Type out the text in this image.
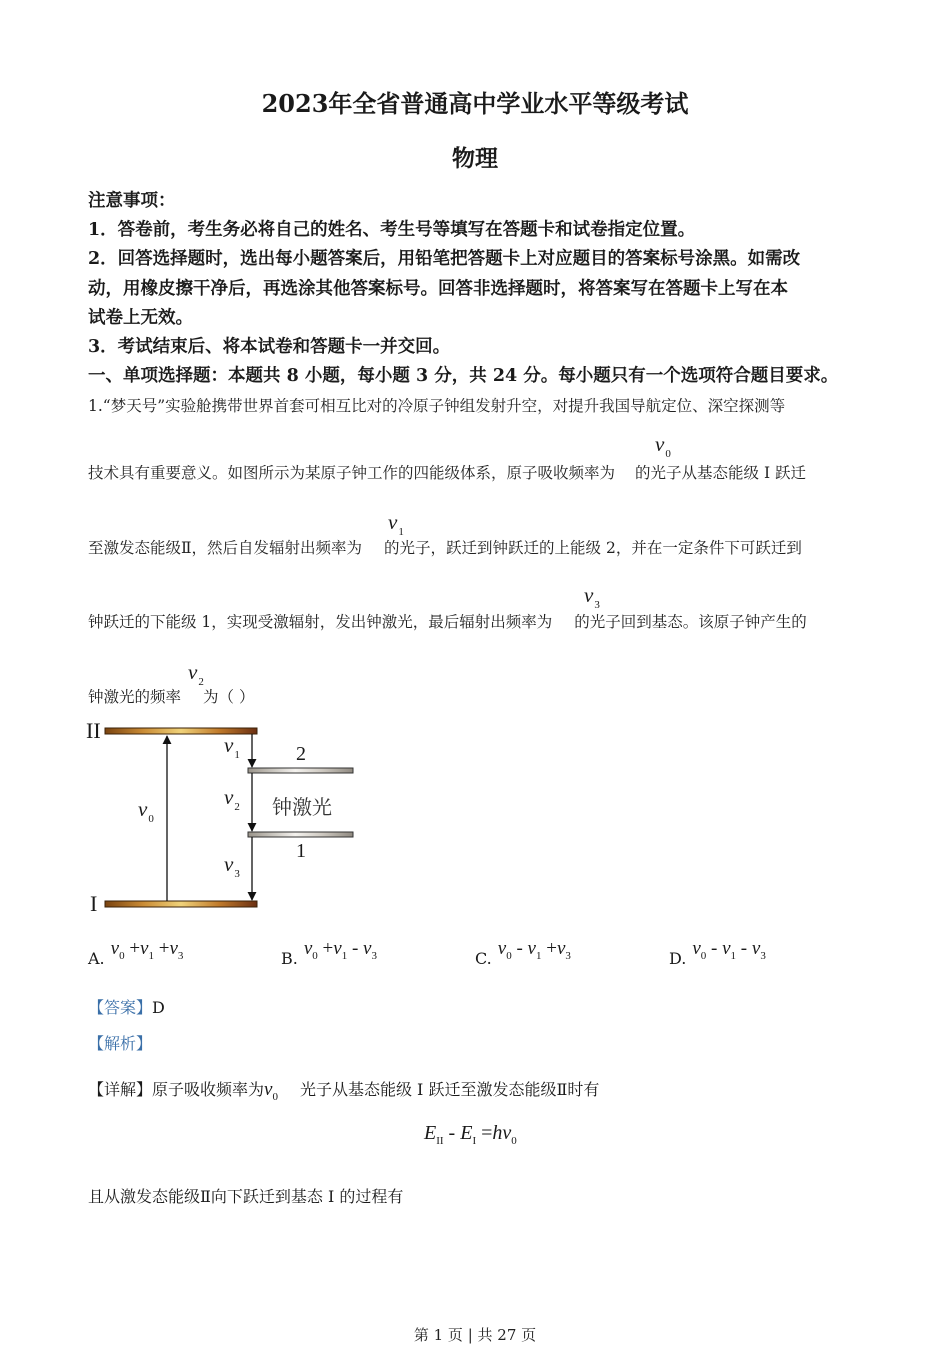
2023年全省普通高中学业水平等级考试
物理
注意事项：
1．答卷前，考生务必将自己的姓名、考生号等填写在答题卡和试卷指定位置。
2．回答选择题时，选出每小题答案后，用铅笔把答题卡上对应题目的答案标号涂黑。如需改
动，用橡皮擦干净后，再选涂其他答案标号。回答非选择题时，将答案写在答题卡上写在本
试卷上无效。
3．考试结束后、将本试卷和答题卡一并交回。
一、单项选择题：本题共 8 小题，每小题 3 分，共 24 分。每小题只有一个选项符合题目要求。
1.“梦天号”实验舱携带世界首套可相互比对的冷原子钟组发射升空，对提升我国导航定位、深空探测等
技术具有重要意义。如图所示为某原子钟工作的四能级体系，原子吸收频率为 的光子从基态能级 I 跃迁
$\nu_0$
至激发态能级Ⅱ，然后自发辐射出频率为 的光子，跃迁到钟跃迁的上能级 2，并在一定条件下可跃迁到
$\nu_1$
钟跃迁的下能级 1，实现受激辐射，发出钟激光，最后辐射出频率为 的光子回到基态。该原子钟产生的
$\nu_3$
钟激光的频率 为（ ）
$\nu_2$
II
I
2
1
钟激光
$\nu_0$
$\nu_1$
$\nu_2$
$\nu_3$
A. $\nu_0 +\nu_1 +\nu_3$	B. $\nu_0 +\nu_1 - \nu_3$	C. $\nu_0 - \nu_1 +\nu_3$	D. $\nu_0 - \nu_1 - \nu_3$
【答案】D
【解析】
【详解】原子吸收频率为$\nu_0$ 光子从基态能级 I 跃迁至激发态能级Ⅱ时有
$E_{II} - E_I =h\nu_0$
且从激发态能级Ⅱ向下跃迁到基态 I 的过程有
第 1 页 | 共 27 页
